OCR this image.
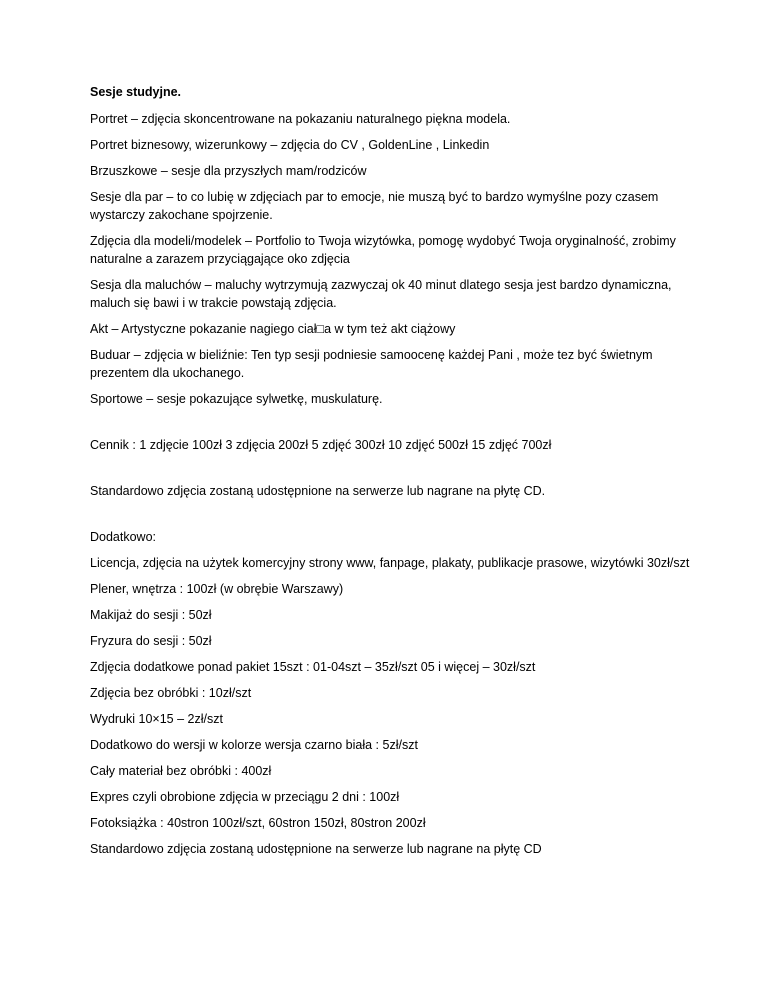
Sesje studyjne.

Portret – zdjęcia skoncentrowane na pokazaniu naturalnego piękna modela.

Portret biznesowy, wizerunkowy – zdjęcia do CV , GoldenLine , Linkedin

Brzuszkowe – sesje dla przyszłych mam/rodziców

Sesje dla par – to co lubię w zdjęciach par to emocje, nie muszą być to bardzo wymyślne pozy czasem wystarczy zakochane spojrzenie.

Zdjęcia dla modeli/modelek – Portfolio to Twoja wizytówka, pomogę wydobyć Twoja oryginalność, zrobimy naturalne a zarazem przyciągające oko zdjęcia

Sesja dla maluchów – maluchy wytrzymują zazwyczaj ok 40 minut dlatego sesja jest bardzo dynamiczna, maluch się bawi i w trakcie powstają zdjęcia.

Akt – Artystyczne pokazanie nagiego ciał□a w tym też akt ciążowy

Buduar – zdjęcia w bieliźnie: Ten typ sesji podniesie samoocenę każdej Pani , może tez być świetnym prezentem dla ukochanego.

Sportowe – sesje pokazujące sylwetkę, muskulaturę.

Cennik : 1 zdjęcie 100zł 3 zdjęcia 200zł 5 zdjęć 300zł 10 zdjęć 500zł 15 zdjęć 700zł

Standardowo zdjęcia zostaną udostępnione na serwerze lub nagrane na płytę CD.

Dodatkowo:

Licencja, zdjęcia na użytek komercyjny strony www, fanpage, plakaty, publikacje prasowe, wizytówki 30zł/szt

Plener, wnętrza : 100zł (w obrębie Warszawy)

Makijaż do sesji : 50zł

Fryzura do sesji : 50zł

Zdjęcia dodatkowe ponad pakiet 15szt : 01-04szt – 35zł/szt 05 i więcej – 30zł/szt

Zdjęcia bez obróbki : 10zł/szt

Wydruki 10×15 – 2zł/szt

Dodatkowo do wersji w kolorze wersja czarno biała : 5zł/szt

Cały materiał bez obróbki : 400zł

Expres czyli obrobione zdjęcia w przeciągu 2 dni : 100zł

Fotoksiążka : 40stron 100zł/szt, 60stron 150zł, 80stron 200zł

Standardowo zdjęcia zostaną udostępnione na serwerze lub nagrane na płytę CD
